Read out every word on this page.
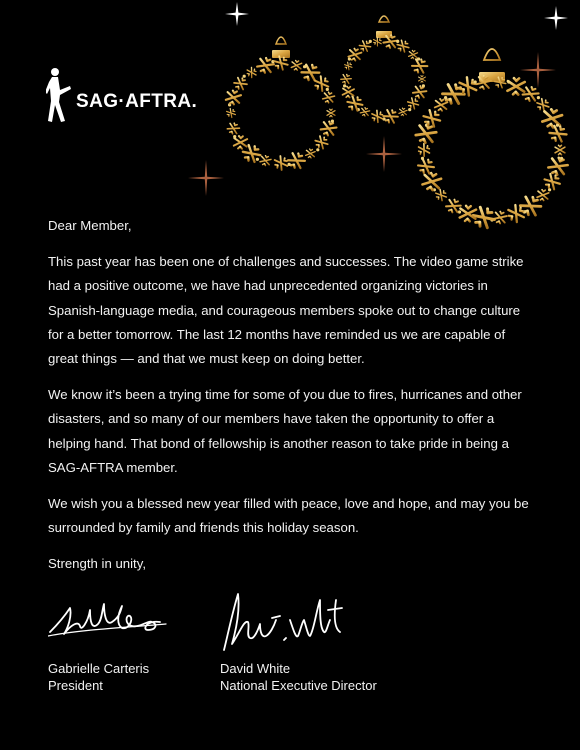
SAG·AFTRA.

Dear Member,

This past year has been one of challenges and successes. The video game strike had a positive outcome, we have had unprecedented organizing victories in Spanish-language media, and courageous members spoke out to change culture for a better tomorrow. The last 12 months have reminded us we are capable of great things — and that we must keep on doing better.

We know it’s been a trying time for some of you due to fires, hurricanes and other disasters, and so many of our members have taken the opportunity to offer a helping hand. That bond of fellowship is another reason to take pride in being a SAG-AFTRA member.

We wish you a blessed new year filled with peace, love and hope, and may you be surrounded by family and friends this holiday season.

Strength in unity,

Gabrielle Carteris
President
David White
National Executive Director
